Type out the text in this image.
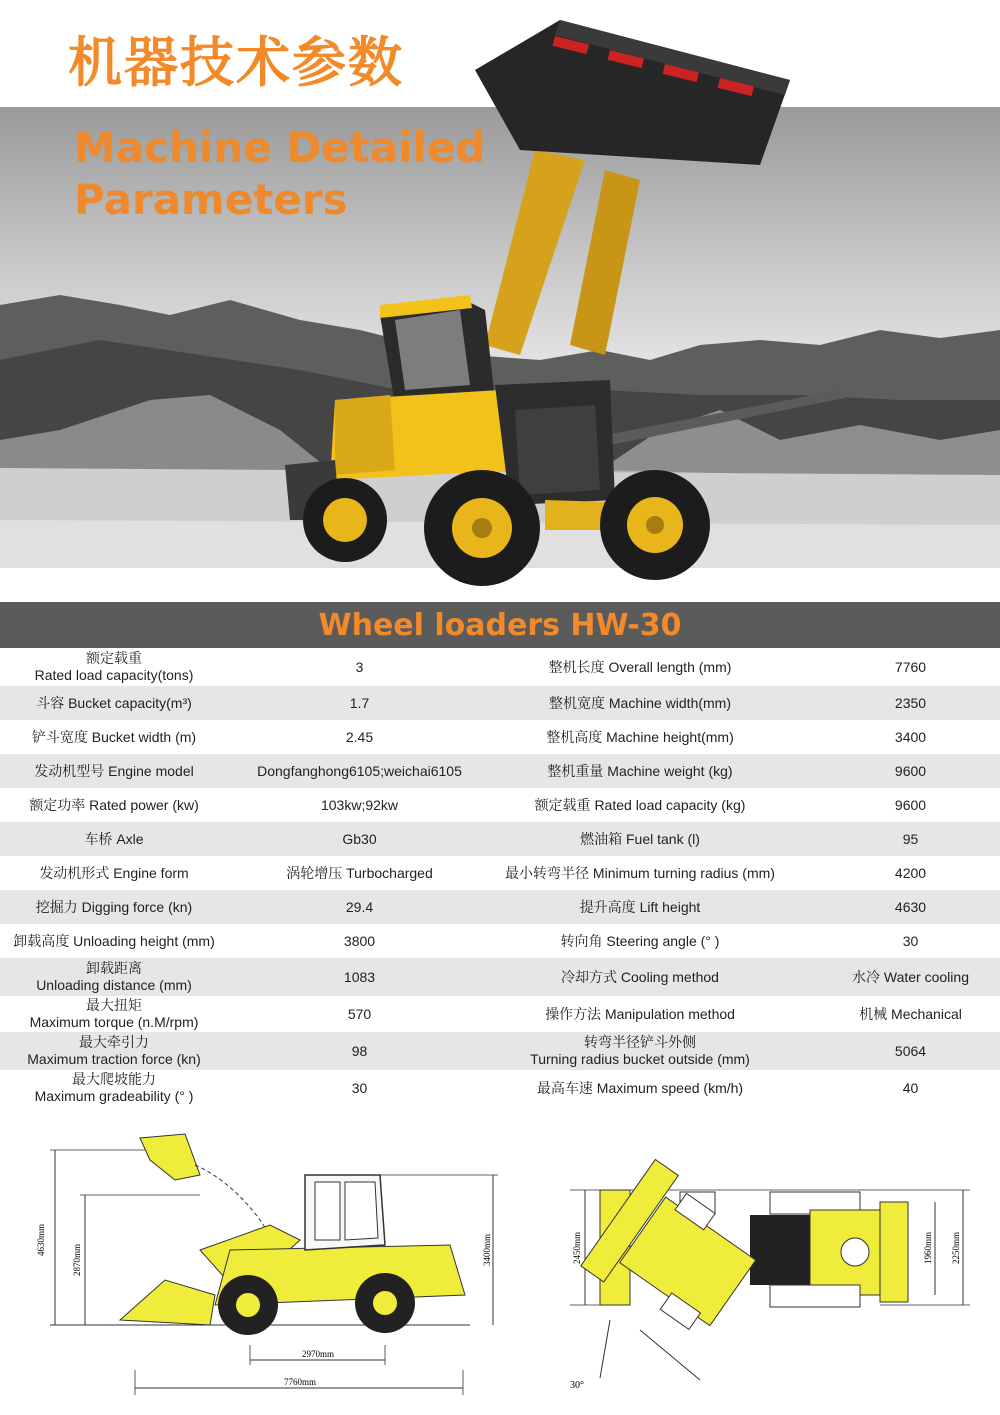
机器技术参数
Machine Detailed
Parameters
Wheel loaders HW-30
额定载重
Rated load capacity(tons)	3	整机长度 Overall length (mm)	7760

斗容 Bucket capacity(m³)	1.7	整机宽度 Machine width(mm)	2350

铲斗宽度 Bucket width (m)	2.45	整机高度 Machine height(mm)	3400

发动机型号 Engine model	Dongfanghong6105;weichai6105	整机重量 Machine weight (kg)	9600

额定功率 Rated power (kw)	103kw;92kw	额定载重 Rated load capacity (kg)	9600

车桥 Axle	Gb30	燃油箱 Fuel tank (l)	95

发动机形式 Engine form	涡轮增压 Turbocharged	最小转弯半径 Minimum turning radius (mm)	4200

挖掘力 Digging force (kn)	29.4	提升高度 Lift height	4630

卸载高度 Unloading height (mm)	3800	转向角 Steering angle (° )	30

卸载距离
Unloading distance (mm)	1083	冷却方式 Cooling method	水冷 Water cooling

最大扭矩
Maximum torque (n.M/rpm)	570	操作方法 Manipulation method	机械 Mechanical

最大牵引力
Maximum traction force (kn)	98	转弯半径铲斗外侧
Turning radius bucket outside (mm)	5064

最大爬坡能力
Maximum gradeability (° )	30	最高车速 Maximum speed (km/h)	40
4630mm
2870mm	3400mm
2970mm
7760mm
2450mm	1960mm 2250mm
30°
